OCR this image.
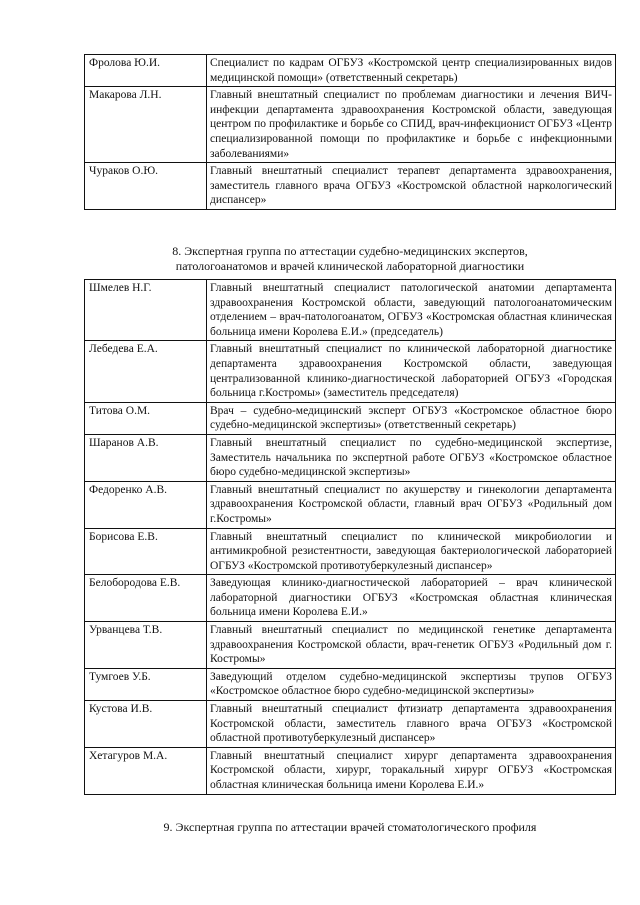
Фролова Ю.И.	Специалист по кадрам ОГБУЗ «Костромской центр специализированных видов медицинской помощи» (ответственный секретарь)
Макарова Л.Н.	Главный внештатный специалист по проблемам диагностики и лечения ВИЧ-инфекции департамента здравоохранения Костромской области, заведующая центром по профилактике и борьбе со СПИД, врач-инфекционист ОГБУЗ «Центр специализированной помощи по профилактике и борьбе с инфекционными заболеваниями»
Чураков О.Ю.	Главный внештатный специалист терапевт департамента здравоохранения, заместитель главного врача ОГБУЗ «Костромской областной наркологический диспансер»
8. Экспертная группа по аттестации судебно-медицинских экспертов,
патологоанатомов и врачей клинической лабораторной диагностики
Шмелев Н.Г.	Главный внештатный специалист патологической анатомии департамента здравоохранения Костромской области, заведующий патологоанатомическим отделением – врач-патологоанатом, ОГБУЗ «Костромская областная клиническая больница имени Королева Е.И.» (председатель)
Лебедева Е.А.	Главный внештатный специалист по клинической лабораторной диагностике департамента здравоохранения Костромской области, заведующая централизованной клинико-диагностической лабораторией ОГБУЗ «Городская больница г.Костромы» (заместитель председателя)
Титова О.М.	Врач – судебно-медицинский эксперт ОГБУЗ «Костромское областное бюро судебно-медицинской экспертизы» (ответственный секретарь)
Шаранов А.В.	Главный внештатный специалист по судебно-медицинской экспертизе, Заместитель начальника по экспертной работе ОГБУЗ «Костромское областное бюро судебно-медицинской экспертизы»
Федоренко А.В.	Главный внештатный специалист по акушерству и гинекологии департамента здравоохранения Костромской области, главный врач ОГБУЗ «Родильный дом г.Костромы»
Борисова Е.В.	Главный внештатный специалист по клинической микробиологии и антимикробной резистентности, заведующая бактериологической лабораторией ОГБУЗ «Костромской противотуберкулезный диспансер»
Белобородова Е.В.	Заведующая клинико-диагностической лабораторией – врач клинической лабораторной диагностики ОГБУЗ «Костромская областная клиническая больница имени Королева Е.И.»
Урванцева Т.В.	Главный внештатный специалист по медицинской генетике департамента здравоохранения Костромской области, врач-генетик ОГБУЗ «Родильный дом г. Костромы»
Тумгоев У.Б.	Заведующий отделом судебно-медицинской экспертизы трупов ОГБУЗ «Костромское областное бюро судебно-медицинской экспертизы»
Кустова И.В.	Главный внештатный специалист фтизиатр департамента здравоохранения Костромской области, заместитель главного врача ОГБУЗ «Костромской областной противотуберкулезный диспансер»
Хетагуров М.А.	Главный внештатный специалист хирург департамента здравоохранения Костромской области, хирург, торакальный хирург ОГБУЗ «Костромская областная клиническая больница имени Королева Е.И.»
9. Экспертная группа по аттестации врачей стоматологического профиля
